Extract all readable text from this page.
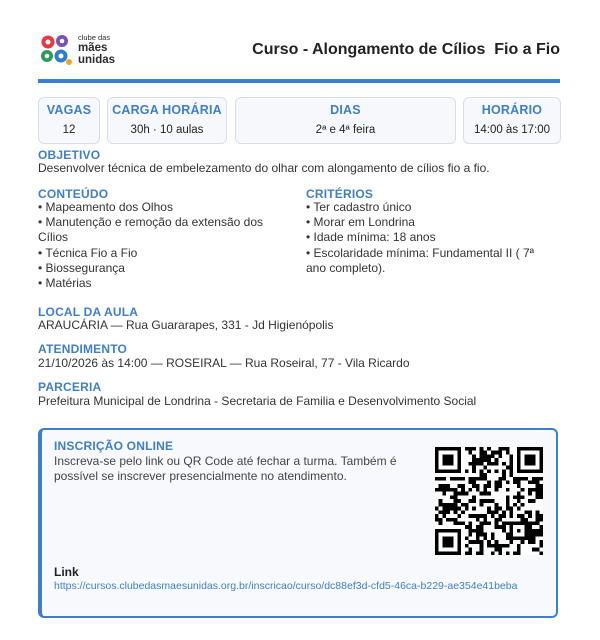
clube das
mães
unidas
Curso - Alongamento de Cílios  Fio a Fio
VAGAS
12
CARGA HORÁRIA
30h · 10 aulas
DIAS
2ª e 4ª feira
HORÁRIO
14:00 às 17:00
OBJETIVO
Desenvolver técnica de embelezamento do olhar com alongamento de cílios fio a fio.
CONTEÚDO
• Mapeamento dos Olhos
• Manutenção e remoção da extensão dos Cílios
• Técnica Fio a Fio
• Biossegurança
• Matérias
CRITÉRIOS
• Ter cadastro único
• Morar em Londrina
• Idade mínima: 18 anos
• Escolaridade mínima: Fundamental II ( 7ª ano completo).
LOCAL DA AULA
ARAUCÁRIA — Rua Guararapes, 331 - Jd Higienópolis
ATENDIMENTO
21/10/2026 às 14:00 — ROSEIRAL — Rua Roseiral, 77 - Vila Ricardo
PARCERIA
Prefeitura Municipal de Londrina - Secretaria de Familia e Desenvolvimento Social
INSCRIÇÃO ONLINE
Inscreva-se pelo link ou QR Code até fechar a turma. Também é possível se inscrever presencialmente no atendimento.
Link
https://cursos.clubedasmaesunidas.org.br/inscricao/curso/dc88ef3d-cfd5-46ca-b229-ae354e41beba
